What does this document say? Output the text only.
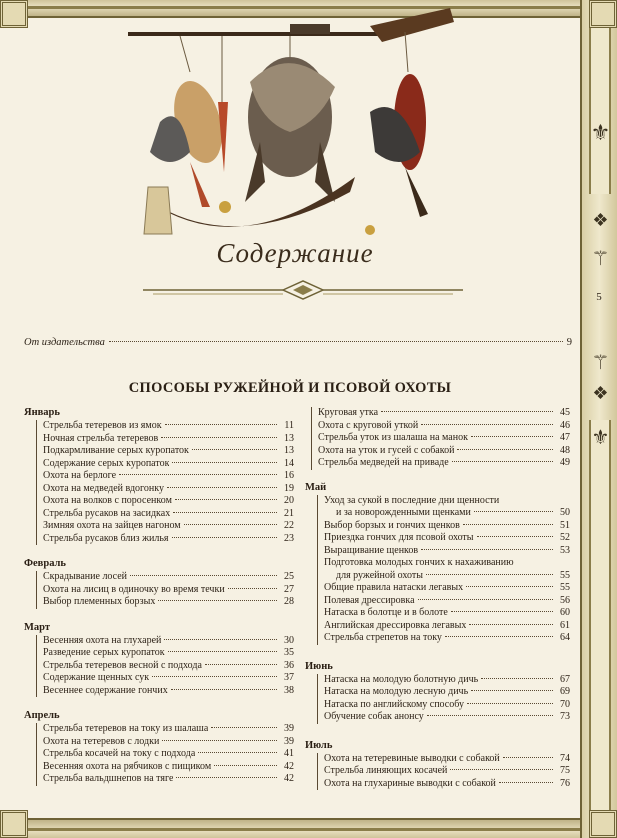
⚜
❖
⚚
⚚
❖
⚜
5
Содержание
От издательства	9
СПОСОБЫ РУЖЕЙНОЙ И ПСОВОЙ ОХОТЫ
Январь
Стрельба тетеревов из ямок	11
Ночная стрельба тетеревов	13
Подкармливание серых куропаток	13
Содержание серых куропаток	14
Охота на берлоге	16
Охота на медведей вдогонку	19
Охота на волков с поросенком	20
Стрельба русаков на засидках	21
Зимняя охота на зайцев нагоном	22
Стрельба русаков близ жилья	23
Февраль
Скрадывание лосей	25
Охота на лисиц в одиночку во время течки	27
Выбор племенных борзых	28
Март
Весенняя охота на глухарей	30
Разведение серых куропаток	35
Стрельба тетеревов весной с подхода	36
Содержание щенных сук	37
Весеннее содержание гончих	38
Апрель
Стрельба тетеревов на току из шалаша	39
Охота на тетеревов с лодки	39
Стрельба косачей на току с подхода	41
Весенняя охота на рябчиков с пищиком	42
Стрельба вальдшнепов на тяге	42
Круговая утка	45
Охота с круговой уткой	46
Стрельба уток из шалаша на манок	47
Охота на уток и гусей с собакой	48
Стрельба медведей на приваде	49
Май
Уход за сукой в последние дни щенности
и за новорожденными щенками	50
Выбор борзых и гончих щенков	51
Приездка гончих для псовой охоты	52
Выращивание щенков	53
Подготовка молодых гончих к нахаживанию
для ружейной охоты	55
Общие правила натаски легавых	55
Полевая дрессировка	56
Натаска в болотце и в болоте	60
Английская дрессировка легавых	61
Стрельба стрепетов на току	64
Июнь
Натаска на молодую болотную дичь	67
Натаска на молодую лесную дичь	69
Натаска по английскому способу	70
Обучение собак анонсу	73
Июль
Охота на тетеревиные выводки с собакой	74
Стрельба линяющих косачей	75
Охота на глухариные выводки с собакой	76
